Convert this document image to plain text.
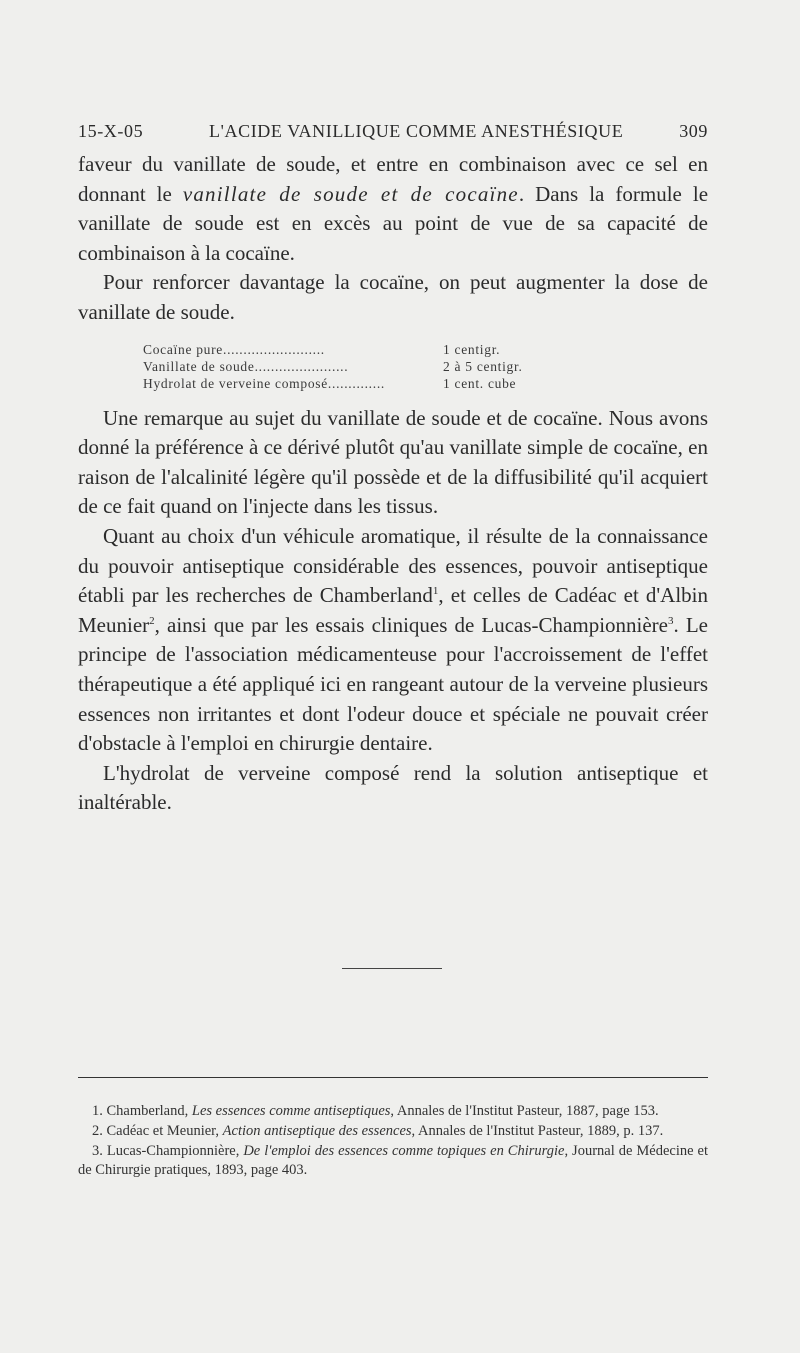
15-X-05	L'ACIDE VANILLIQUE COMME ANESTHÉSIQUE	309

faveur du vanillate de soude, et entre en combinaison avec ce sel en donnant le vanillate de soude et de cocaïne. Dans la formule le vanillate de soude est en excès au point de vue de sa capacité de combinaison à la cocaïne.

Pour renforcer davantage la cocaïne, on peut augmenter la dose de vanillate de soude.

Cocaïne pure.........................	1 centigr.
Vanillate de soude.......................	2 à 5 centigr.
Hydrolat de verveine composé..............	1 cent. cube

Une remarque au sujet du vanillate de soude et de cocaïne. Nous avons donné la préférence à ce dérivé plutôt qu'au vanillate simple de cocaïne, en raison de l'alcalinité légère qu'il possède et de la diffusibilité qu'il acquiert de ce fait quand on l'injecte dans les tissus.

Quant au choix d'un véhicule aromatique, il résulte de la connaissance du pouvoir antiseptique considérable des essences, pouvoir antiseptique établi par les recherches de Chamberland$^1$, et celles de Cadéac et d'Albin Meunier$^2$, ainsi que par les essais cliniques de Lucas-Championnière$^3$. Le principe de l'association médicamenteuse pour l'accroissement de l'effet thérapeutique a été appliqué ici en rangeant autour de la verveine plusieurs essences non irritantes et dont l'odeur douce et spéciale ne pouvait créer d'obstacle à l'emploi en chirurgie dentaire.

L'hydrolat de verveine composé rend la solution antiseptique et inaltérable.

1. Chamberland, Les essences comme antiseptiques, Annales de l'Institut Pasteur, 1887, page 153.

2. Cadéac et Meunier, Action antiseptique des essences, Annales de l'Institut Pasteur, 1889, p. 137.

3. Lucas-Championnière, De l'emploi des essences comme topiques en Chirurgie, Journal de Médecine et de Chirurgie pratiques, 1893, page 403.
